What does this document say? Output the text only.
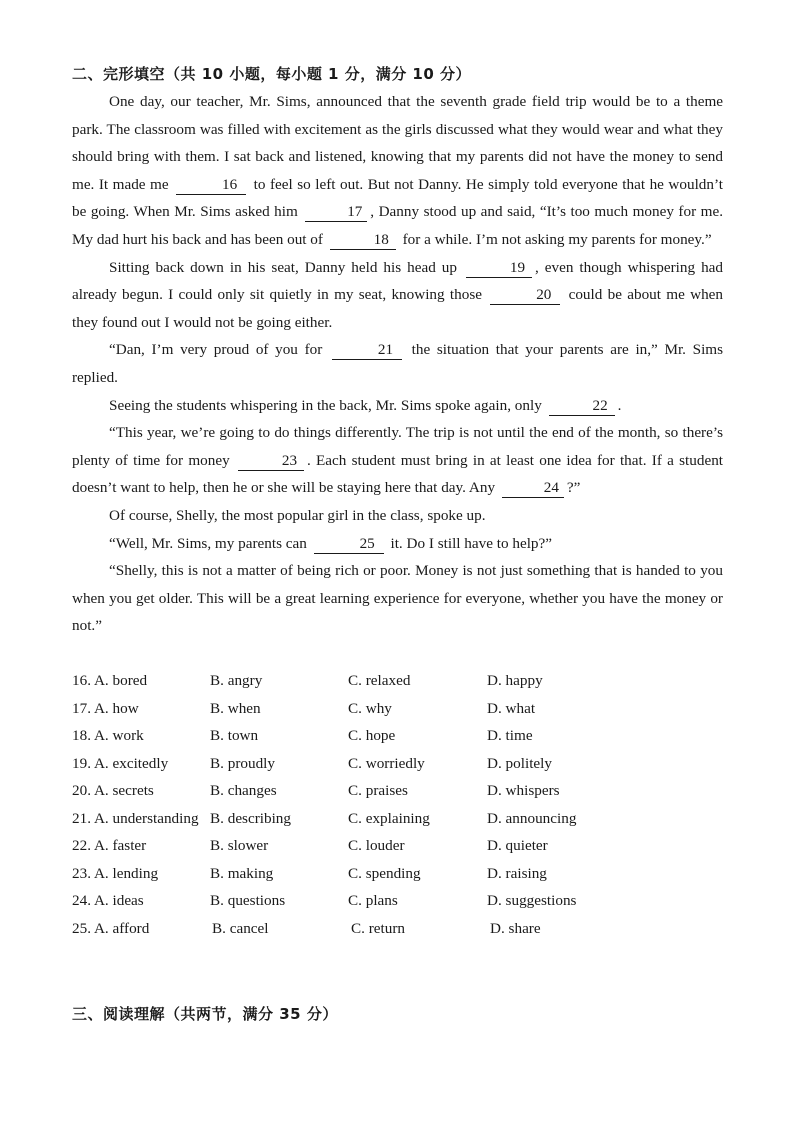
二、完形填空（共 10 小题，每小题 1 分，满分 10 分）

One day, our teacher, Mr. Sims, announced that the seventh grade field trip would be to a theme park. The classroom was filled with excitement as the girls discussed what they would wear and what they should bring with them. I sat back and listened, knowing that my parents did not have the money to send me. It made me	16 to feel so left out. But not Danny. He simply told everyone that he wouldn’t be going. When Mr. Sims asked him	17 , Danny stood up and said, “It’s too much money for me. My dad hurt his back and has been out of	18 for a while. I’m not asking my parents for money.”

Sitting back down in his seat, Danny held his head up	19 , even though whispering had already begun. I could only sit quietly in my seat, knowing those	20 could be about me when they found out I would not be going either.

“Dan, I’m very proud of you for	21 the situation that your parents are in,” Mr. Sims replied.

Seeing the students whispering in the back, Mr. Sims spoke again, only	22 .

“This year, we’re going to do things differently. The trip is not until the end of the month, so there’s plenty of time for money	23 . Each student must bring in at least one idea for that. If a student doesn’t want to help, then he or she will be staying here that day. Any	24 ?”

Of course, Shelly, the most popular girl in the class, spoke up.

“Well, Mr. Sims, my parents can	25 it. Do I still have to help?”

“Shelly, this is not a matter of being rich or poor. Money is not just something that is handed to you when you get older. This will be a great learning experience for everyone, whether you have the money or not.”

16. A. bored	B. angry	C. relaxed	D. happy
17. A. how	B. when	C. why	D. what
18. A. work	B. town	C. hope	D. time
19. A. excitedly	B. proudly	C. worriedly	D. politely
20. A. secrets	B. changes	C. praises	D. whispers
21. A. understanding B. describing	C. explaining	D. announcing
22. A. faster	B. slower	C. louder	D. quieter
23. A. lending	B. making	C. spending	D. raising
24. A. ideas	B. questions	C. plans	D. suggestions
25. A. afford	B. cancel	C. return	D. share
三、阅读理解（共两节，满分 35 分）
